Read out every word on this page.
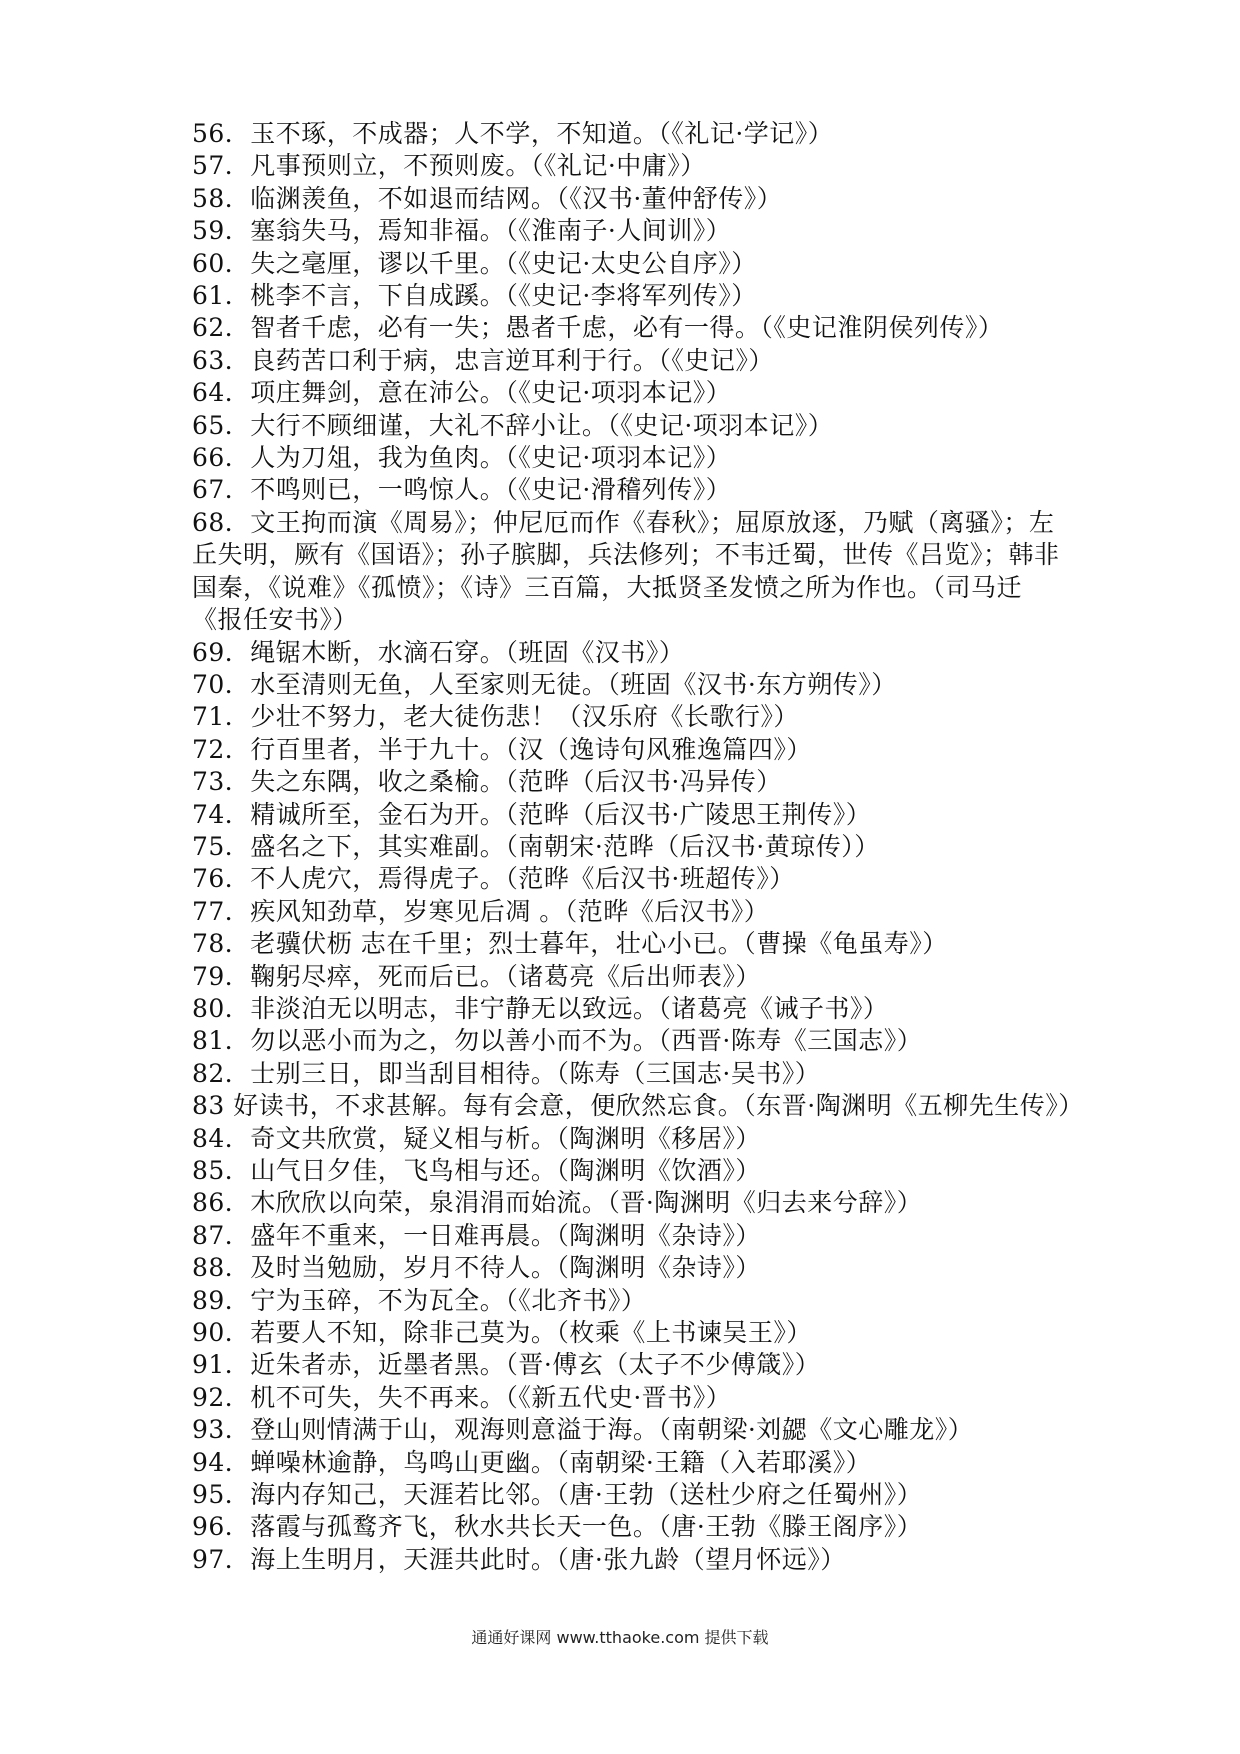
56．玉不琢，不成器；人不学，不知道。（《礼记·学记》）

57．凡事预则立，不预则废。（《礼记·中庸》）

58．临渊羡鱼，不如退而结网。（《汉书·董仲舒传》）

59．塞翁失马，焉知非福。（《淮南子·人间训》）

60．失之毫厘，谬以千里。（《史记·太史公自序》）

61．桃李不言，下自成蹊。（《史记·李将军列传》）

62．智者千虑，必有一失；愚者千虑，必有一得。（《史记淮阴侯列传》）

63．良药苦口利于病，忠言逆耳利于行。（《史记》）

64．项庄舞剑，意在沛公。（《史记·项羽本记》）

65．大行不顾细谨，大礼不辞小让。（《史记·项羽本记》）

66．人为刀俎，我为鱼肉。（《史记·项羽本记》）

67．不鸣则已，一鸣惊人。（《史记·滑稽列传》）

68．文王拘而演《周易》；仲尼厄而作《春秋》；屈原放逐，乃赋（离骚》；左

丘失明，厥有《国语》；孙子膑脚，兵法修列；不韦迁蜀，世传《吕览》；韩非

国秦，《说难》《孤愤》；《诗》三百篇，大抵贤圣发愤之所为作也。（司马迁

《报任安书》）

69．绳锯木断，水滴石穿。（班固《汉书》）

70．水至清则无鱼，人至家则无徒。（班固《汉书·东方朔传》）

71．少壮不努力，老大徒伤悲！（汉乐府《长歌行》）

72．行百里者，半于九十。（汉（逸诗句风雅逸篇四》）

73．失之东隅，收之桑榆。（范晔（后汉书·冯异传）

74．精诚所至，金石为开。（范晔（后汉书·广陵思王荆传》）

75．盛名之下，其实难副。（南朝宋·范晔（后汉书·黄琼传））

76．不人虎穴，焉得虎子。（范晔《后汉书·班超传》）

77．疾风知劲草，岁寒见后凋 。（范晔《后汉书》）

78．老骥伏枥 志在千里；烈士暮年，壮心小已。（曹操《龟虽寿》）

79．鞠躬尽瘁，死而后已。（诸葛亮《后出师表》）

80．非淡泊无以明志，非宁静无以致远。（诸葛亮《诫子书》）

81．勿以恶小而为之，勿以善小而不为。（西晋·陈寿《三国志》）

82．士别三日，即当刮目相待。（陈寿（三国志·吴书》）

83 好读书，不求甚解。每有会意，便欣然忘食。（东晋·陶渊明《五柳先生传》）

84．奇文共欣赏，疑义相与析。（陶渊明《移居》）

85．山气日夕佳，飞鸟相与还。（陶渊明《饮酒》）

86．木欣欣以向荣，泉涓涓而始流。（晋·陶渊明《归去来兮辞》）

87．盛年不重来，一日难再晨。（陶渊明《杂诗》）

88．及时当勉励，岁月不待人。（陶渊明《杂诗》）

89．宁为玉碎，不为瓦全。（《北齐书》）

90．若要人不知，除非己莫为。（枚乘《上书谏吴王》）

91．近朱者赤，近墨者黑。（晋·傅玄（太子不少傅箴》）

92．机不可失，失不再来。（《新五代史·晋书》）

93．登山则情满于山，观海则意溢于海。（南朝梁·刘勰《文心雕龙》）

94．蝉噪林逾静，鸟鸣山更幽。（南朝梁·王籍（入若耶溪》）

95．海内存知己，天涯若比邻。（唐·王勃（送杜少府之任蜀州》）

96．落霞与孤鹜齐飞，秋水共长天一色。（唐·王勃《滕王阁序》）

97．海上生明月，天涯共此时。（唐·张九龄（望月怀远》）

通通好课网 www.tthaoke.com 提供下载
